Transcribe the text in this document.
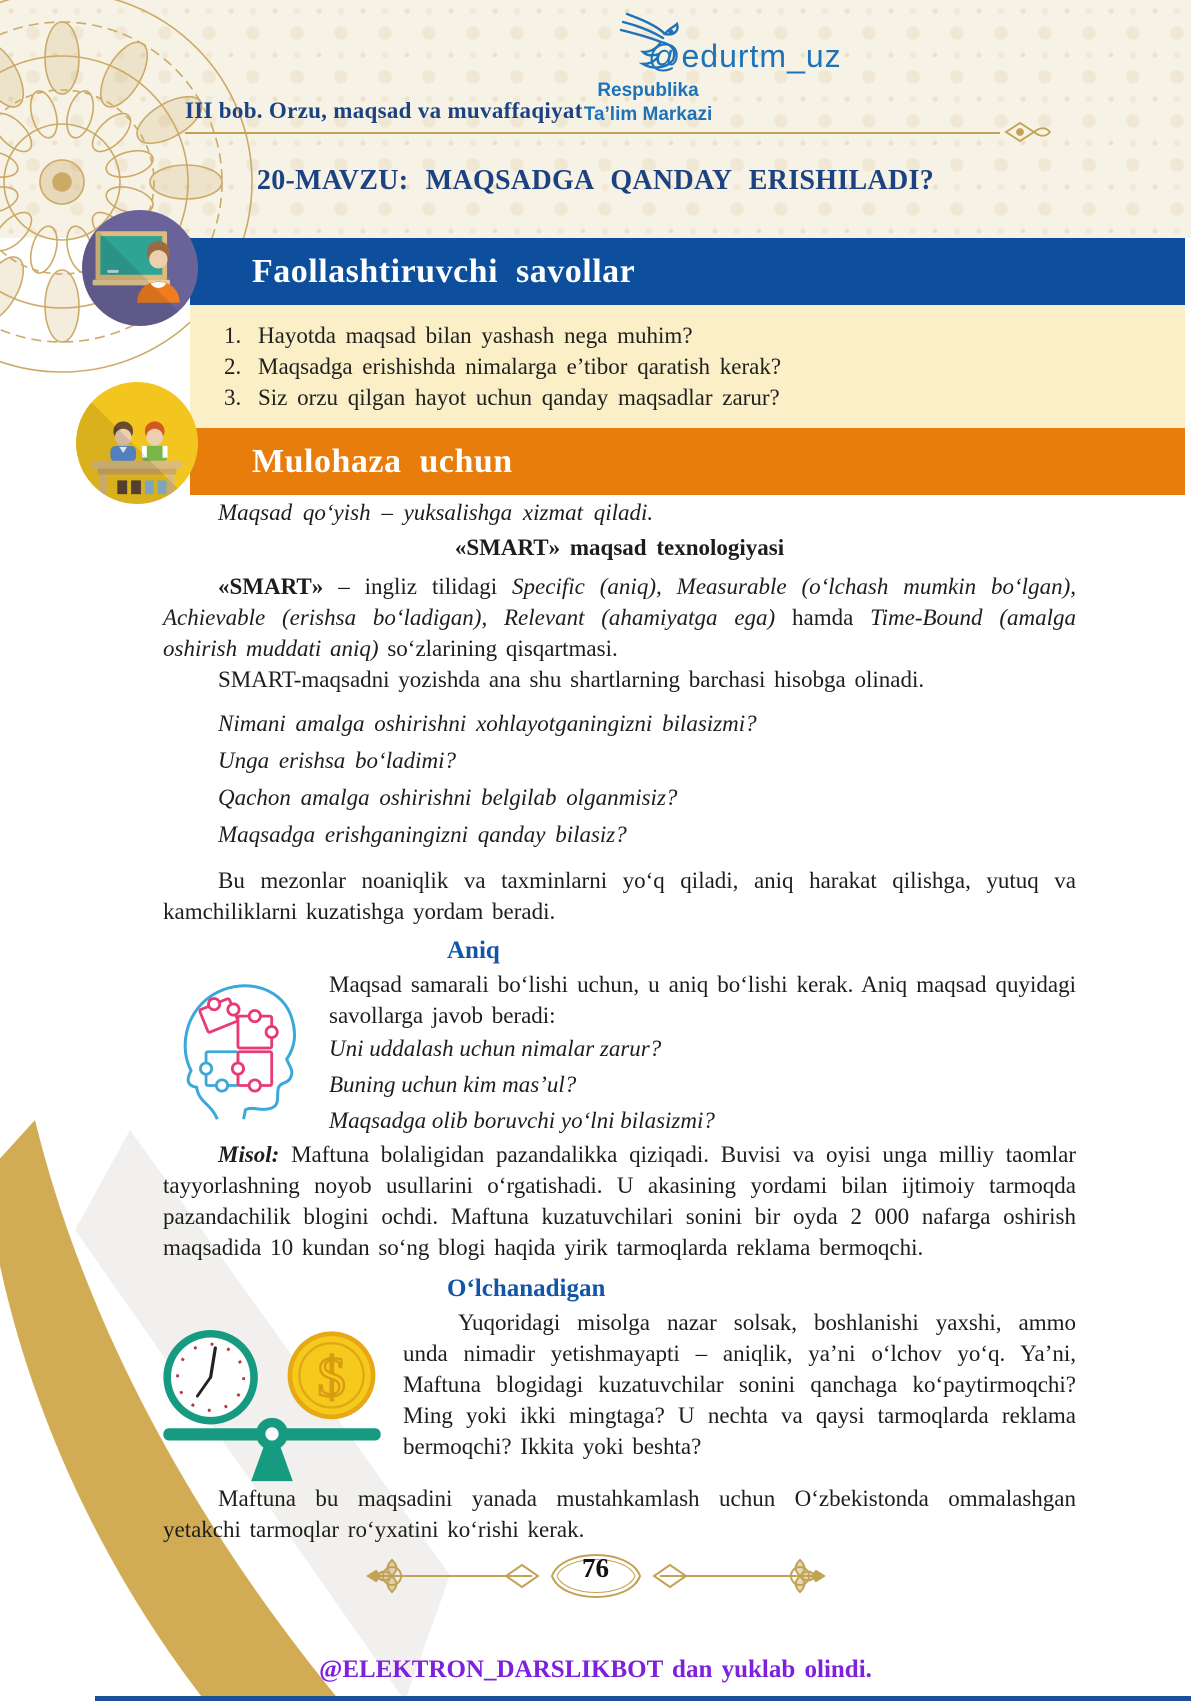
Respublika
Ta’lim Markazi
@edurtm_uz
III bob. Orzu, maqsad va muvaffaqiyat
20-MAVZU: MAQSADGA QANDAY ERISHILADI?
Faollashtiruvchi savollar
1. Hayotda maqsad bilan yashash nega muhim?
2. Maqsadga erishishda nimalarga e’tibor qaratish kerak?
3. Siz orzu qilgan hayot uchun qanday maqsadlar zarur?
Mulohaza uchun
Maqsad qoʻyish – yuksalishga xizmat qiladi.
«SMART» maqsad texnologiyasi

«SMART» – ingliz tilidagi Specific (aniq), Measurable (oʻlchash mumkin boʻlgan), Achievable (erishsa boʻladigan), Relevant (ahamiyatga ega) hamda Time-Bound (amalga oshirish muddati aniq) soʻzlarining qisqartmasi.

SMART-maqsadni yozishda ana shu shartlarning barchasi hisobga olinadi.

Nimani amalga oshirishni xohlayotganingizni bilasizmi?
Unga erishsa boʻladimi?
Qachon amalga oshirishni belgilab olganmisiz?
Maqsadga erishganingizni qanday bilasiz?

Bu mezonlar noaniqlik va taxminlarni yoʻq qiladi, aniq harakat qilishga, yutuq va kamchiliklarni kuzatishga yordam beradi.

Aniq

Maqsad samarali boʻlishi uchun, u aniq boʻlishi kerak. Aniq maqsad quyidagi savollarga javob beradi:

Uni uddalash uchun nimalar zarur?
Buning uchun kim mas’ul?
Maqsadga olib boruvchi yoʻlni bilasizmi?

Misol: Maftuna bolaligidan pazandalikka qiziqadi. Buvisi va oyisi unga milliy taomlar tayyorlashning noyob usullarini oʻrgatishadi. U akasining yordami bilan ijtimoiy tarmoqda pazandachilik blogini ochdi. Maftuna kuzatuvchilari sonini bir oyda 2 000 nafarga oshirish maqsadida 10 kundan soʻng blogi haqida yirik tarmoqlarda reklama bermoqchi.

Oʻlchanadigan
$

Yuqoridagi misolga nazar solsak, boshlanishi yaxshi, ammo unda nimadir yetishmayapti – aniqlik, ya’ni oʻlchov yoʻq. Ya’ni, Maftuna blogidagi kuzatuvchilar sonini qanchaga koʻpaytirmoqchi? Ming yoki ikki mingtaga? U nechta va qaysi tarmoqlarda reklama bermoqchi? Ikkita yoki beshta?

Maftuna bu maqsadini yanada mustahkamlash uchun Oʻzbekistonda ommalashgan yetakchi tarmoqlar roʻyxatini koʻrishi kerak.

76
@ELEKTRON_DARSLIKBOT dan yuklab olindi.
